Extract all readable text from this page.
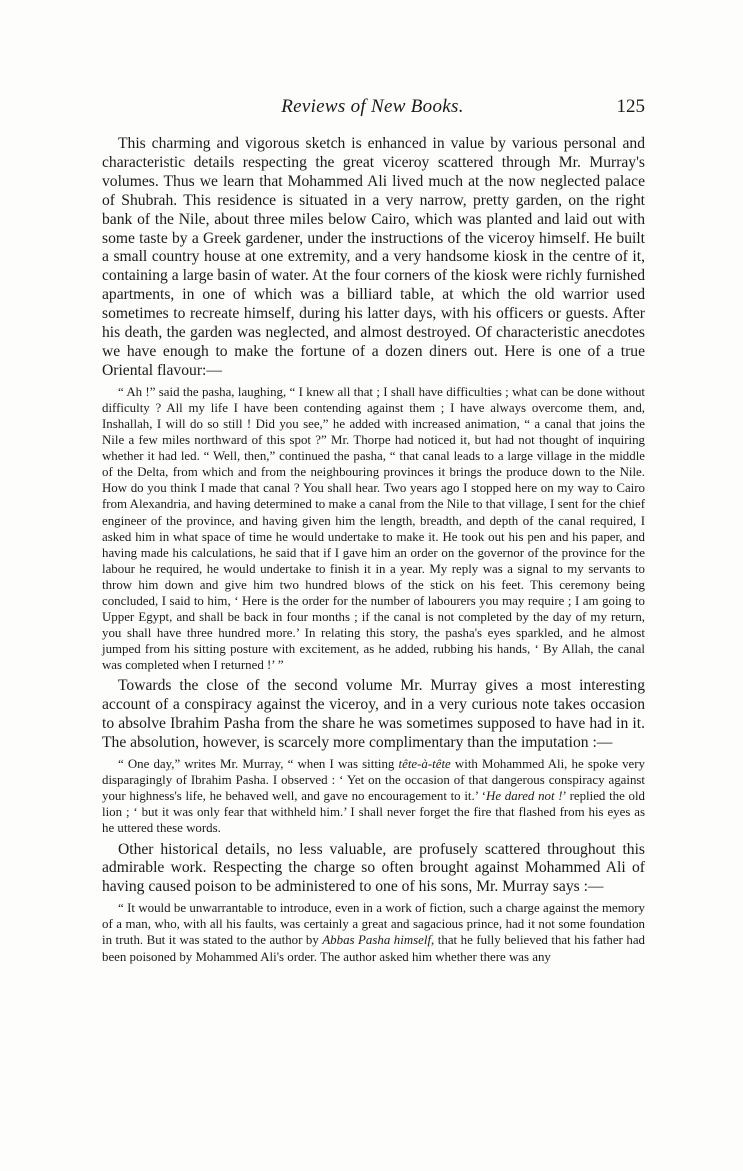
Reviews of New Books.	125

This charming and vigorous sketch is enhanced in value by various personal and characteristic details respecting the great viceroy scattered through Mr. Murray's volumes. Thus we learn that Mohammed Ali lived much at the now neglected palace of Shubrah. This residence is situated in a very narrow, pretty garden, on the right bank of the Nile, about three miles below Cairo, which was planted and laid out with some taste by a Greek gardener, under the instructions of the viceroy himself. He built a small country house at one extremity, and a very handsome kiosk in the centre of it, containing a large basin of water. At the four corners of the kiosk were richly furnished apartments, in one of which was a billiard table, at which the old warrior used sometimes to recreate himself, during his latter days, with his officers or guests. After his death, the garden was neglected, and almost destroyed. Of characteristic anecdotes we have enough to make the fortune of a dozen diners out. Here is one of a true Oriental flavour:—

“ Ah !” said the pasha, laughing, “ I knew all that ; I shall have difficulties ; what can be done without difficulty ? All my life I have been contending against them ; I have always overcome them, and, Inshallah, I will do so still ! Did you see,” he added with increased animation, “ a canal that joins the Nile a few miles northward of this spot ?” Mr. Thorpe had noticed it, but had not thought of inquiring whether it had led. “ Well, then,” continued the pasha, “ that canal leads to a large village in the middle of the Delta, from which and from the neighbouring provinces it brings the produce down to the Nile. How do you think I made that canal ? You shall hear. Two years ago I stopped here on my way to Cairo from Alexandria, and having determined to make a canal from the Nile to that village, I sent for the chief engineer of the province, and having given him the length, breadth, and depth of the canal required, I asked him in what space of time he would undertake to make it. He took out his pen and his paper, and having made his calculations, he said that if I gave him an order on the governor of the province for the labour he required, he would undertake to finish it in a year. My reply was a signal to my servants to throw him down and give him two hundred blows of the stick on his feet. This ceremony being concluded, I said to him, ‘ Here is the order for the number of labourers you may require ; I am going to Upper Egypt, and shall be back in four months ; if the canal is not completed by the day of my return, you shall have three hundred more.’ In relating this story, the pasha's eyes sparkled, and he almost jumped from his sitting posture with excitement, as he added, rubbing his hands, ‘ By Allah, the canal was completed when I returned !’ ”

Towards the close of the second volume Mr. Murray gives a most interesting account of a conspiracy against the viceroy, and in a very curious note takes occasion to absolve Ibrahim Pasha from the share he was sometimes supposed to have had in it. The absolution, however, is scarcely more complimentary than the imputation :—

“ One day,” writes Mr. Murray, “ when I was sitting tête-à-tête with Mohammed Ali, he spoke very disparagingly of Ibrahim Pasha. I observed : ‘ Yet on the occasion of that dangerous conspiracy against your highness's life, he behaved well, and gave no encouragement to it.’ ‘He dared not !’ replied the old lion ; ‘ but it was only fear that withheld him.’ I shall never forget the fire that flashed from his eyes as he uttered these words.

Other historical details, no less valuable, are profusely scattered throughout this admirable work. Respecting the charge so often brought against Mohammed Ali of having caused poison to be administered to one of his sons, Mr. Murray says :—

“ It would be unwarrantable to introduce, even in a work of fiction, such a charge against the memory of a man, who, with all his faults, was certainly a great and sagacious prince, had it not some foundation in truth. But it was stated to the author by Abbas Pasha himself, that he fully believed that his father had been poisoned by Mohammed Ali's order. The author asked him whether there was any
